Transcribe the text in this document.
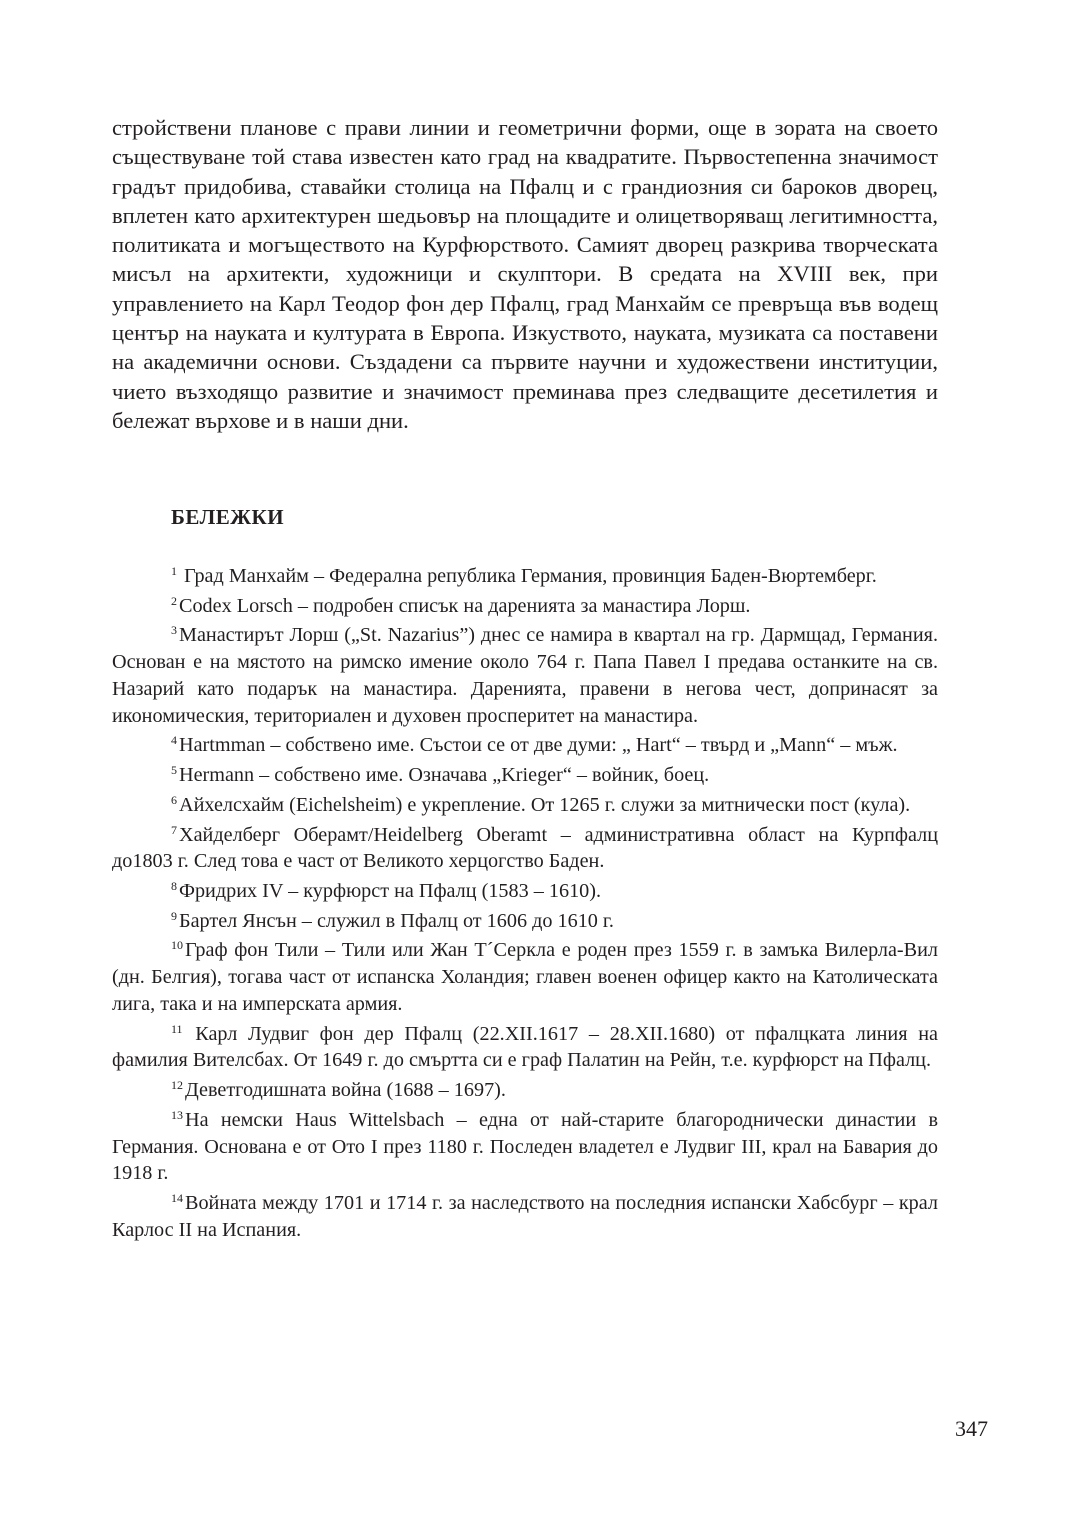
стройствени планове с прави линии и геометрични форми, още в зората на своето съществуване той става известен като град на квадратите. Първостепенна значимост градът придобива, ставайки столица на Пфалц и с грандиозния си бароков дворец, вплетен като архитектурен шедьовър на площадите и олицетворяващ легитимността, политиката и могъществото на Курфюрството. Самият дворец разкрива творческата мисъл на архитекти, художници и скулптори. В средата на XVIII век, при управлението на Карл Теодор фон дер Пфалц, град Манхайм се превръща във водещ център на науката и културата в Европа. Изкуството, науката, музиката са поставени на академични основи. Създадени са първите научни и художествени институции, чието възходящо развитие и значимост преминава през следващите десетилетия и бележат върхове и в наши дни.

БЕЛЕЖКИ

$^1$ Град Манхайм – Федерална република Германия, провинция Баден-Вюртемберг.

$^2$Codex Lorsch – подробен списък на даренията за манастира Лорш.

$^3$Манастирът Лорш („St. Nazarius”) днес се намира в квартал на гр. Дармщад, Германия. Основан е на мястото на римско имение около 764 г. Папа Павел I предава останките на св. Назарий като подарък на манастира. Даренията, правени в негова чест, допринасят за икономическия, териториален и духовен просперитет на манастира.

$^4$Hartmman – собствено име. Състои се от две думи: „ Hart“ – твърд и „Mann“ – мъж.

$^5$Hermann – собствено име. Означава „Krieger“ – войник, боец.

$^6$Айхелсхайм (Eichelsheim) е укрепление. От 1265 г. служи за митнически пост (кула).

$^7$Хайделберг Оберамт/Heidelberg Oberamt – административна област на Курпфалц до1803 г. След това е част от Великото херцогство Баден.

$^8$Фридрих IV – курфюрст на Пфалц (1583 – 1610).

$^9$Бартел Янсън – служил в Пфалц от 1606 до 1610 г.

$^{10}$Граф фон Тили – Тили или Жан Т´Серкла е роден през 1559 г. в замъка Вилерла-Вил (дн. Белгия), тогава част от испанска Холандия; главен военен офицер както на Католическата лига, така и на имперската армия.

$^{11}$ Карл Лудвиг фон дер Пфалц (22.XII.1617 – 28.XII.1680) от пфалцката линия на фамилия Вителсбах. От 1649 г. до смъртта си е граф Палатин на Рейн, т.е. курфюрст на Пфалц.

$^{12}$Деветгодишната война (1688 – 1697).

$^{13}$На немски Haus Wittelsbach – една от най-старите благороднически династии в Германия. Основана е от Ото I през 1180 г. Последен владетел е Лудвиг III, крал на Бавария до 1918 г.

$^{14}$Войната между 1701 и 1714 г. за наследството на последния испански Хабсбург – крал Карлос II на Испания.

347
